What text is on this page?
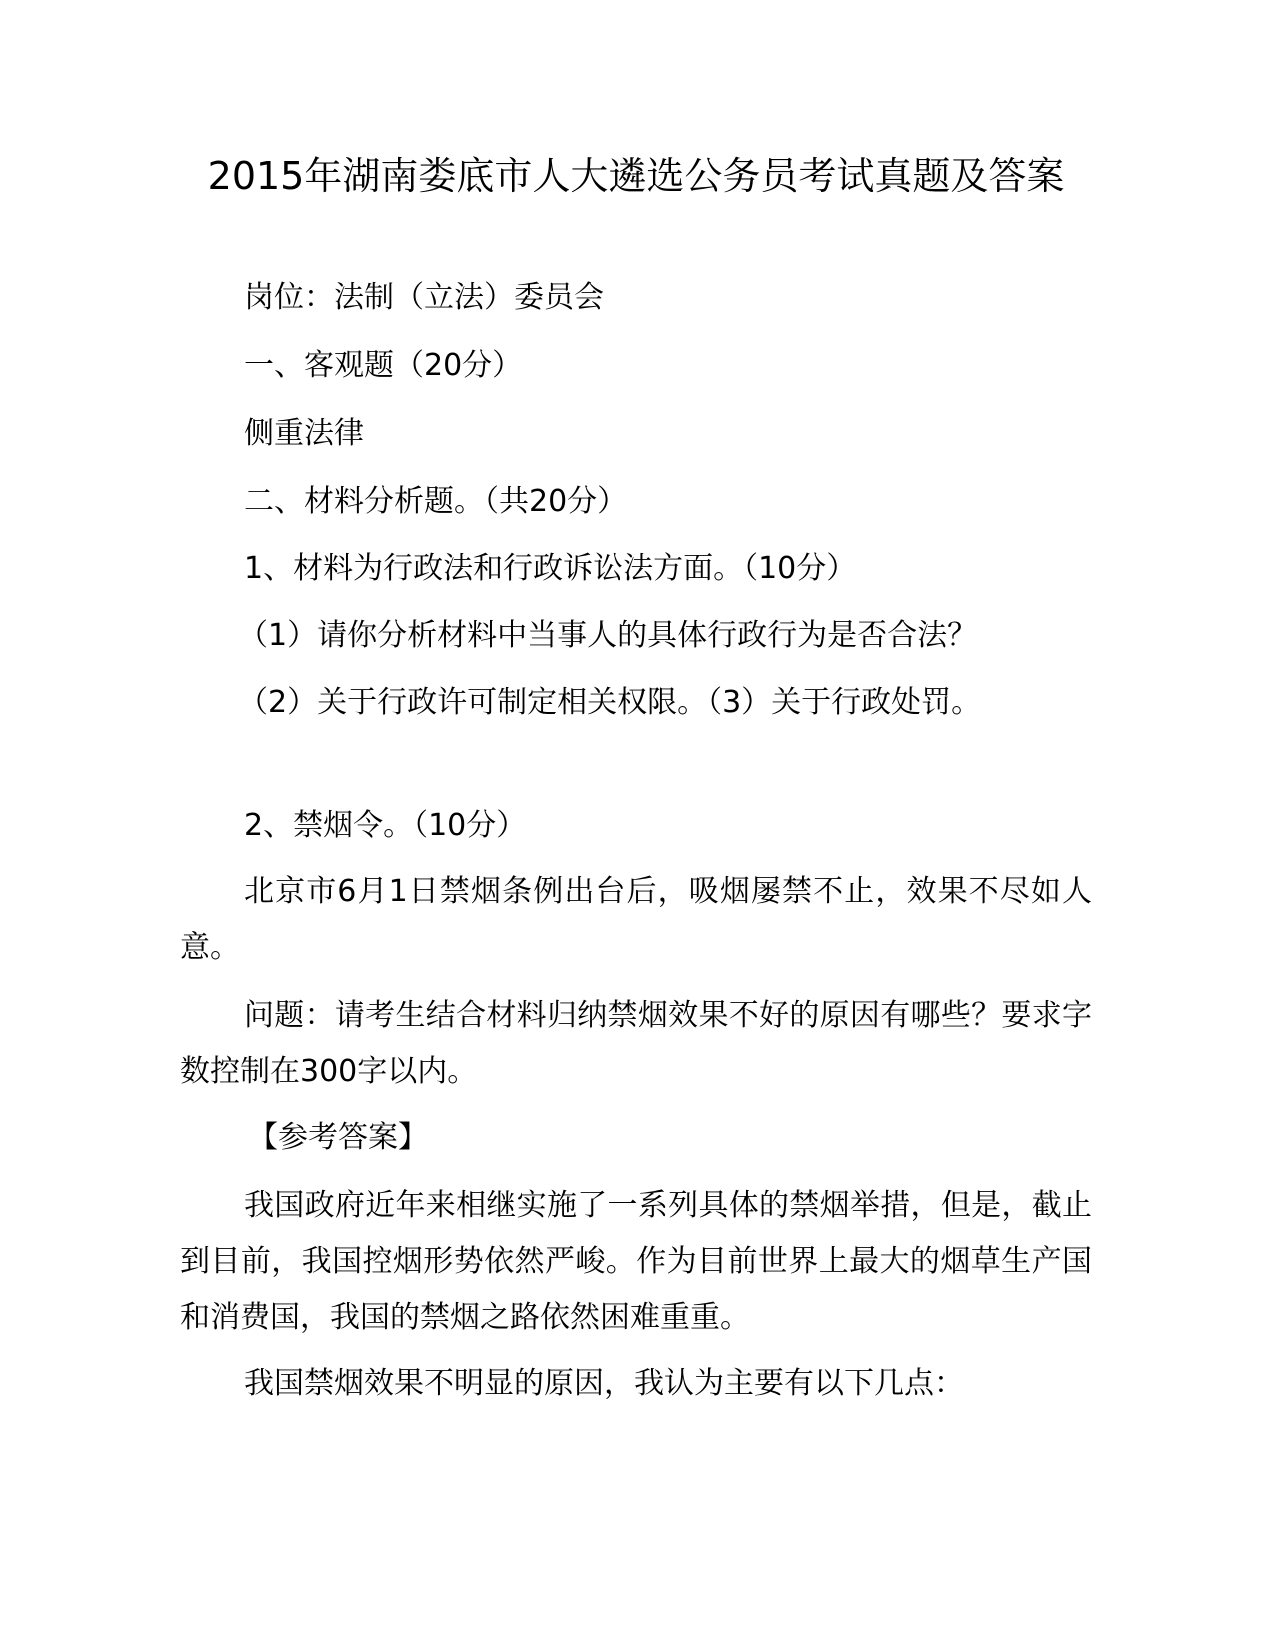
2015年湖南娄底市人大遴选公务员考试真题及答案

岗位：法制（立法）委员会

一、客观题（20分）

侧重法律

二、材料分析题。（共20分）

1、材料为行政法和行政诉讼法方面。（10分）

（1）请你分析材料中当事人的具体行政行为是否合法？

（2）关于行政许可制定相关权限。（3）关于行政处罚。

2、禁烟令。（10分）

北京市6月1日禁烟条例出台后，吸烟屡禁不止，效果不尽如人意。

问题：请考生结合材料归纳禁烟效果不好的原因有哪些？要求字数控制在300字以内。

【参考答案】

我国政府近年来相继实施了一系列具体的禁烟举措，但是，截止到目前，我国控烟形势依然严峻。作为目前世界上最大的烟草生产国和消费国，我国的禁烟之路依然困难重重。

我国禁烟效果不明显的原因，我认为主要有以下几点：
